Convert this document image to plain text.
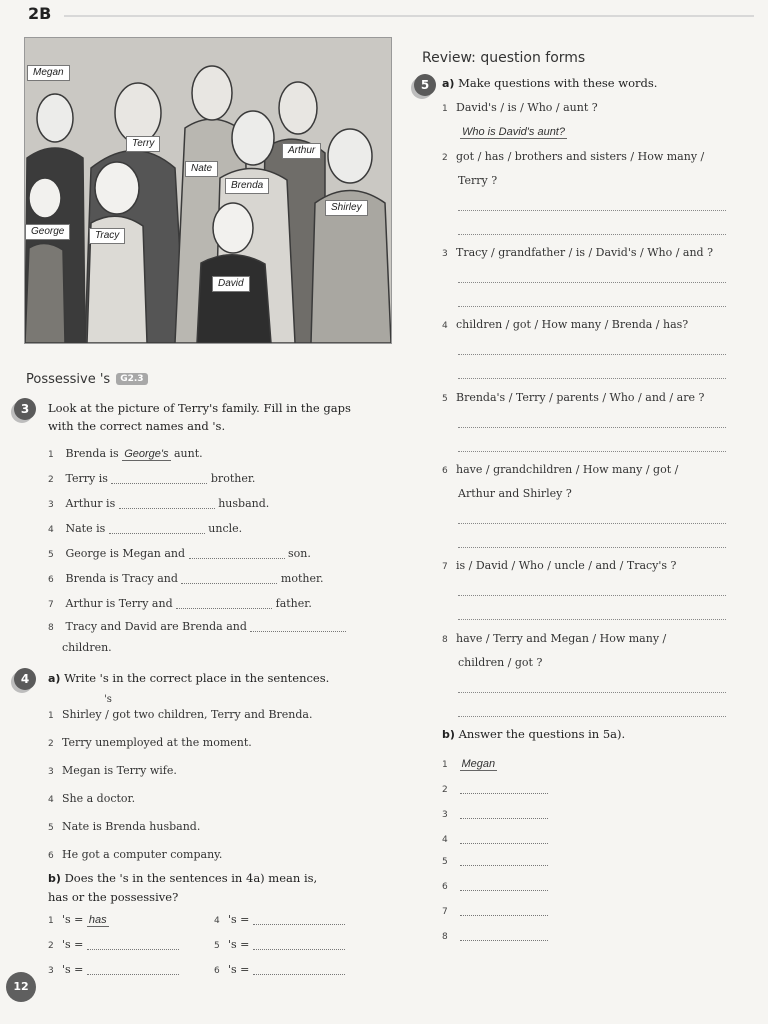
2B
Megan
Terry
Nate
Arthur
Brenda
Shirley
George	Tracy
David
Possessive 's G2.3
3	Look at the picture of Terry's family. Fill in the gaps with the correct names and 's.
1 Brenda is George's aunt.
2 Terry is	brother.
3 Arthur is	husband.
4 Nate is	uncle.
5 George is Megan and	son.
6 Brenda is Tracy and	mother.
7 Arthur is Terry and	father.
8 Tracy and David are Brenda and
children.
4	a) Write 's in the correct place in the sentences.
's
1 Shirley / got two children, Terry and Brenda.
2 Terry unemployed at the moment.
3 Megan is Terry wife.
4 She a doctor.
5 Nate is Brenda husband.
6 He got a computer company.
b) Does the 's in the sentences in 4a) mean is, has or the possessive?
1 's = has
2 's =
3 's =
4 's =
5 's =
6 's =
12
Review: question forms
5	a) Make questions with these words.
1 David's / is / Who / aunt ?
Who is David's aunt?
2 got / has / brothers and sisters / How many /
Terry ?
3 Tracy / grandfather / is / David's / Who / and ?
4 children / got / How many / Brenda / has?
5 Brenda's / Terry / parents / Who / and / are ?
6 have / grandchildren / How many / got /
Arthur and Shirley ?
7 is / David / Who / uncle / and / Tracy's ?
8 have / Terry and Megan / How many /
children / got ?
b) Answer the questions in 5a).
1 Megan
2
3
4
5
6
7
8
